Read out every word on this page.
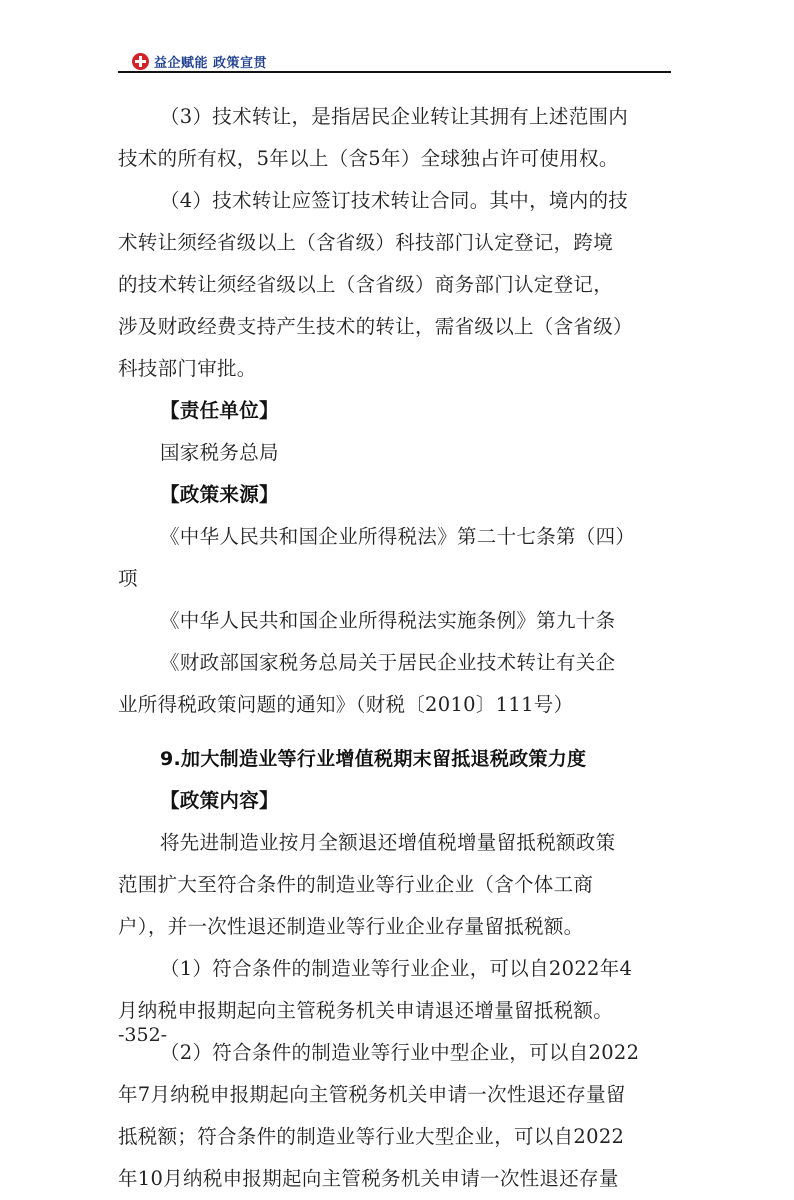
益企赋能 政策宣贯
（3）技术转让，是指居民企业转让其拥有上述范围内
技术的所有权，5年以上（含5年）全球独占许可使用权。
（4）技术转让应签订技术转让合同。其中，境内的技
术转让须经省级以上（含省级）科技部门认定登记，跨境
的技术转让须经省级以上（含省级）商务部门认定登记，
涉及财政经费支持产生技术的转让，需省级以上（含省级）
科技部门审批。
【责任单位】
国家税务总局
【政策来源】
《中华人民共和国企业所得税法》第二十七条第（四）
项
《中华人民共和国企业所得税法实施条例》第九十条
《财政部国家税务总局关于居民企业技术转让有关企
业所得税政策问题的通知》（财税〔2010〕111号）
9.加大制造业等行业增值税期末留抵退税政策力度
【政策内容】
将先进制造业按月全额退还增值税增量留抵税额政策
范围扩大至符合条件的制造业等行业企业（含个体工商
户），并一次性退还制造业等行业企业存量留抵税额。
（1）符合条件的制造业等行业企业，可以自2022年4
月纳税申报期起向主管税务机关申请退还增量留抵税额。
（2）符合条件的制造业等行业中型企业，可以自2022
年7月纳税申报期起向主管税务机关申请一次性退还存量留
抵税额；符合条件的制造业等行业大型企业，可以自2022
年10月纳税申报期起向主管税务机关申请一次性退还存量
-352-
